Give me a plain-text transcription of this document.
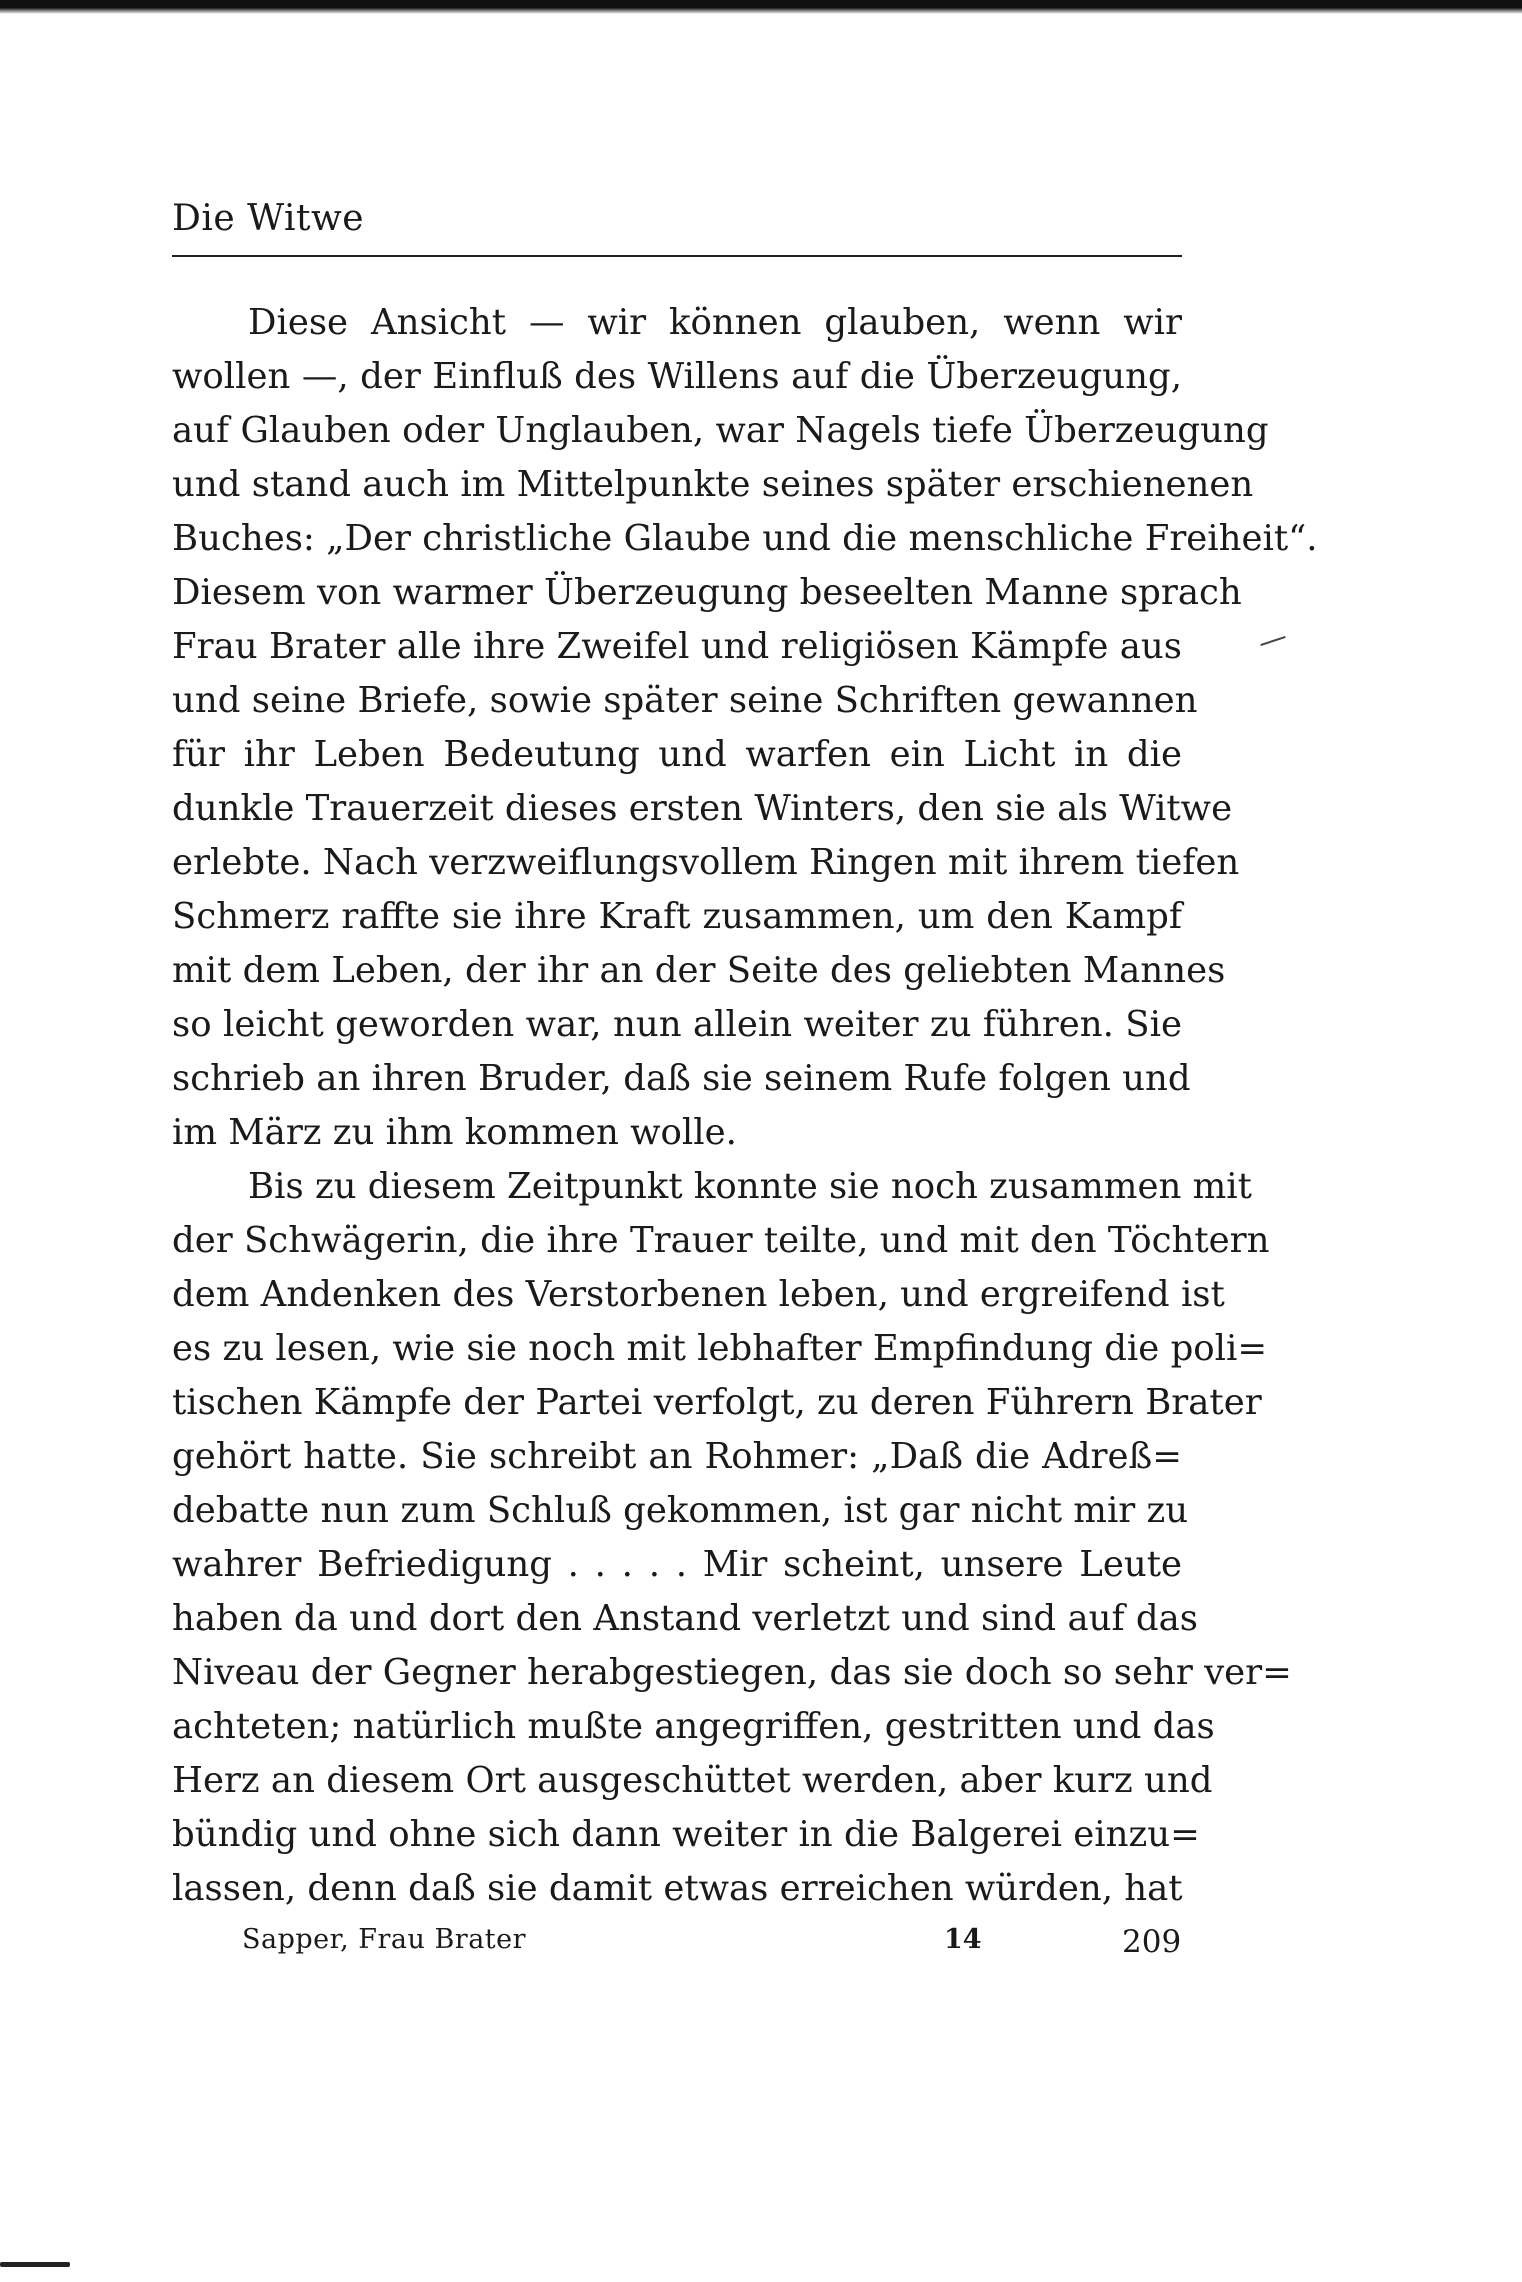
Die Witwe
Diese Ansicht — wir können glauben, wenn wir
wollen —, der Einfluß des Willens auf die Überzeugung,
auf Glauben oder Unglauben, war Nagels tiefe Überzeugung
und stand auch im Mittelpunkte seines später erschienenen
Buches: „Der christliche Glaube und die menschliche Freiheit“.
Diesem von warmer Überzeugung beseelten Manne sprach
Frau Brater alle ihre Zweifel und religiösen Kämpfe aus
und seine Briefe, sowie später seine Schriften gewannen
für ihr Leben Bedeutung und warfen ein Licht in die
dunkle Trauerzeit dieses ersten Winters, den sie als Witwe
erlebte. Nach verzweiflungsvollem Ringen mit ihrem tiefen
Schmerz raffte sie ihre Kraft zusammen, um den Kampf
mit dem Leben, der ihr an der Seite des geliebten Mannes
so leicht geworden war, nun allein weiter zu führen. Sie
schrieb an ihren Bruder, daß sie seinem Rufe folgen und
im März zu ihm kommen wolle.
Bis zu diesem Zeitpunkt konnte sie noch zusammen mit
der Schwägerin, die ihre Trauer teilte, und mit den Töchtern
dem Andenken des Verstorbenen leben, und ergreifend ist
es zu lesen, wie sie noch mit lebhafter Empfindung die poli=
tischen Kämpfe der Partei verfolgt, zu deren Führern Brater
gehört hatte. Sie schreibt an Rohmer: „Daß die Adreß=
debatte nun zum Schluß gekommen, ist gar nicht mir zu
wahrer Befriedigung . . . . . Mir scheint, unsere Leute
haben da und dort den Anstand verletzt und sind auf das
Niveau der Gegner herabgestiegen, das sie doch so sehr ver=
achteten; natürlich mußte angegriffen, gestritten und das
Herz an diesem Ort ausgeschüttet werden, aber kurz und
bündig und ohne sich dann weiter in die Balgerei einzu=
lassen, denn daß sie damit etwas erreichen würden, hat
Sapper, Frau Brater	14	209
